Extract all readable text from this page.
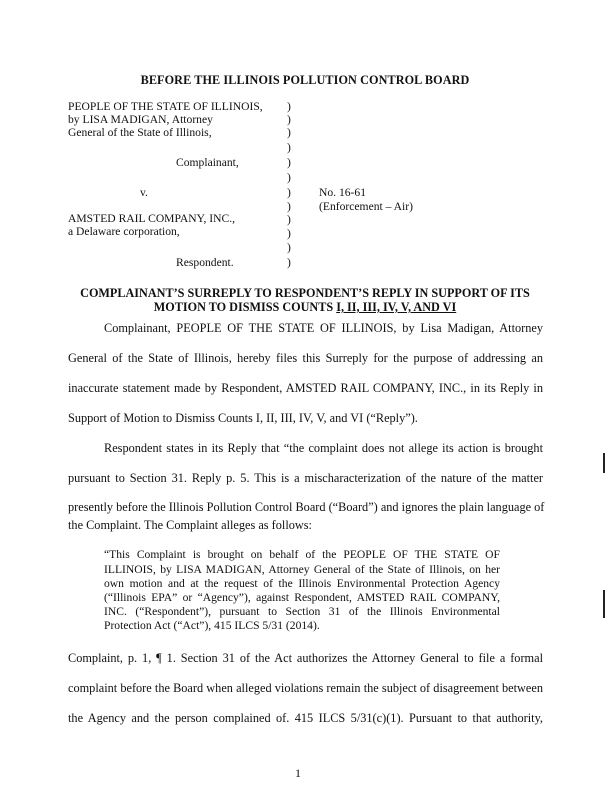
BEFORE THE ILLINOIS POLLUTION CONTROL BOARD
PEOPLE OF THE STATE OF ILLINOIS,
by LISA MADIGAN, Attorney
General of the State of Illinois,
Complainant,
v.
AMSTED RAIL COMPANY, INC.,
a Delaware corporation,
Respondent.
)
)
)
)
)
)
)
)
)
)
)
)
No. 16-61
(Enforcement – Air)
COMPLAINANT’S SURREPLY TO RESPONDENT’S REPLY IN SUPPORT OF ITS
MOTION TO DISMISS COUNTS I, II, III, IV, V, AND VI
Complainant, PEOPLE OF THE STATE OF ILLINOIS, by Lisa Madigan, Attorney
General of the State of Illinois, hereby files this Surreply for the purpose of addressing an
inaccurate statement made by Respondent, AMSTED RAIL COMPANY, INC., in its Reply in
Support of Motion to Dismiss Counts I, II, III, IV, V, and VI (“Reply”).
Respondent states in its Reply that “the complaint does not allege its action is brought
pursuant to Section 31. Reply p. 5. This is a mischaracterization of the nature of the matter
presently before the Illinois Pollution Control Board (“Board”) and ignores the plain language of
the Complaint. The Complaint alleges as follows:
“This Complaint is brought on behalf of the PEOPLE OF THE STATE OF
ILLINOIS, by LISA MADIGAN, Attorney General of the State of Illinois, on her
own motion and at the request of the Illinois Environmental Protection Agency
(“Illinois EPA” or “Agency”), against Respondent, AMSTED RAIL COMPANY,
INC. (“Respondent”), pursuant to Section 31 of the Illinois Environmental
Protection Act (“Act”), 415 ILCS 5/31 (2014).
Complaint, p. 1, ¶ 1. Section 31 of the Act authorizes the Attorney General to file a formal
complaint before the Board when alleged violations remain the subject of disagreement between
the Agency and the person complained of. 415 ILCS 5/31(c)(1). Pursuant to that authority,
1
